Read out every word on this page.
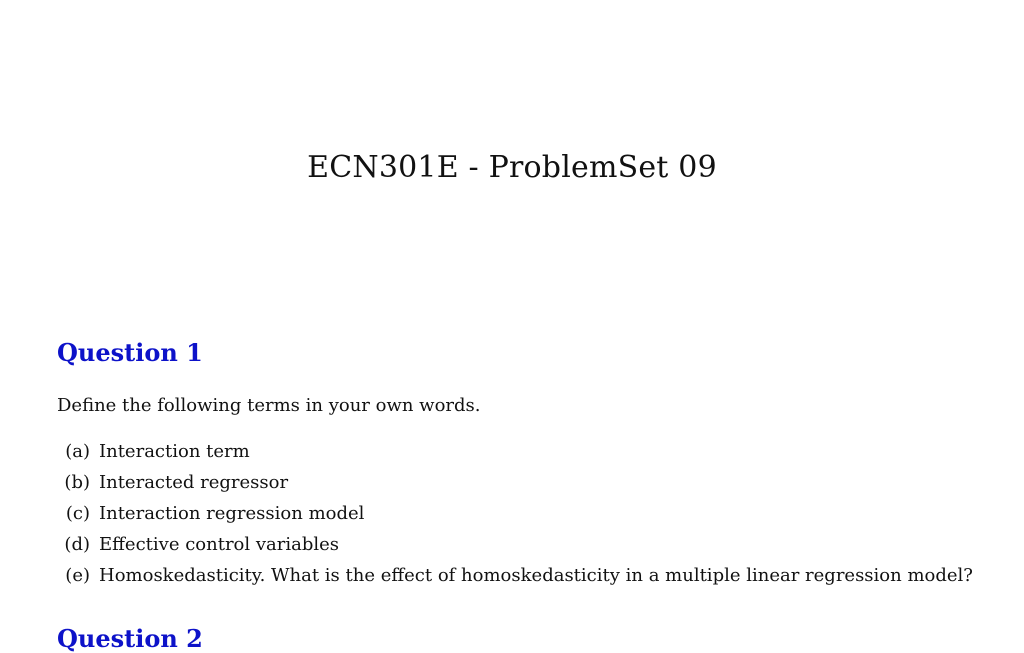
ECN301E - ProblemSet 09
Question 1

Define the following terms in your own words.

(a) Interaction term
(b) Interacted regressor
(c) Interaction regression model
(d) Effective control variables
(e) Homoskedasticity. What is the effect of homoskedasticity in a multiple linear regression model?
Question 2
